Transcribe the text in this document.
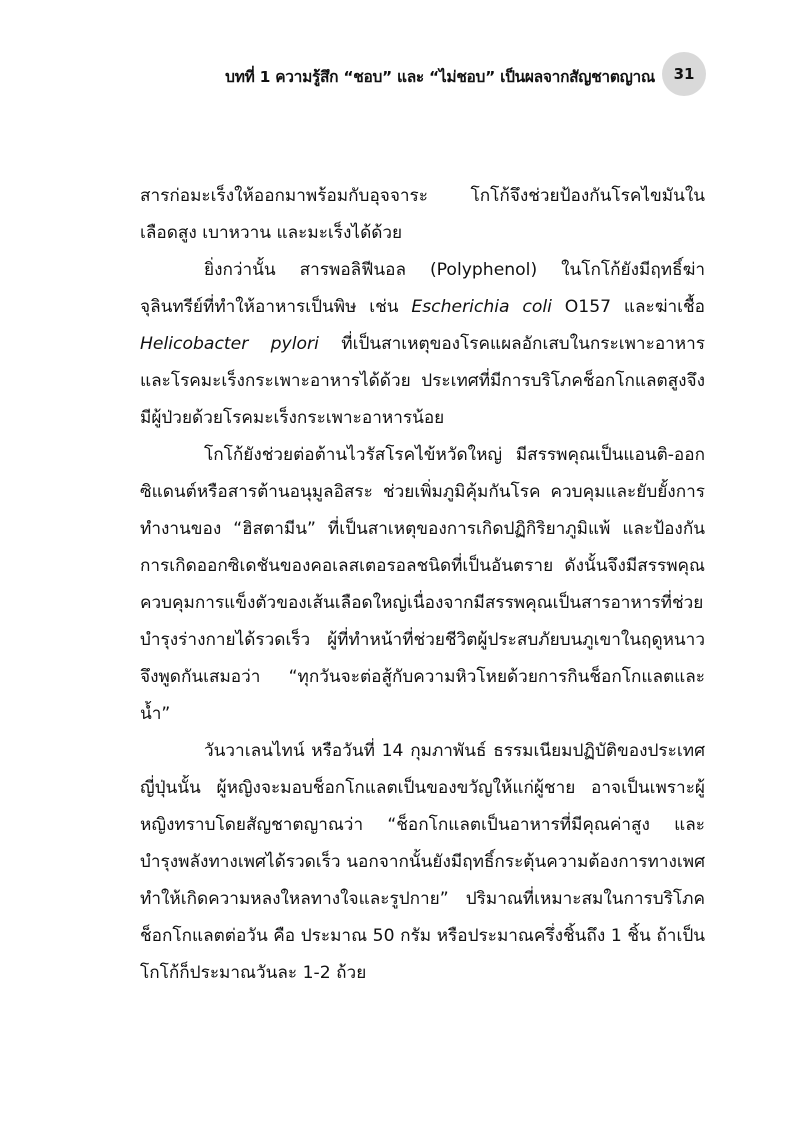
บทที่ 1 ความรู้สึก “ชอบ” และ “ไม่ชอบ” เป็นผลจากสัญชาตญาณ 31

สารก่อมะเร็งให้ออกมาพร้อมกับอุจจาระ โกโก้จึงช่วยป้องกันโรคไขมันในเลือดสูง เบาหวาน และมะเร็งได้ด้วย

ยิ่งกว่านั้น สารพอลิฟีนอล (Polyphenol) ในโกโก้ยังมีฤทธิ์ฆ่าจุลินทรีย์ที่ทำให้อาหารเป็นพิษ เช่น Escherichia coli O157 และฆ่าเชื้อ Helicobacter pylori ที่เป็นสาเหตุของโรคแผลอักเสบในกระเพาะอาหาร และโรคมะเร็งกระเพาะอาหารได้ด้วย ประเทศที่มีการบริโภคช็อกโกแลตสูงจึงมีผู้ป่วยด้วยโรคมะเร็งกระเพาะอาหารน้อย

โกโก้ยังช่วยต่อต้านไวรัสโรคไข้หวัดใหญ่ มีสรรพคุณเป็นแอนติ-ออกซิแดนต์หรือสารต้านอนุมูลอิสระ ช่วยเพิ่มภูมิคุ้มกันโรค ควบคุมและยับยั้งการทำงานของ “ฮิสตามีน” ที่เป็นสาเหตุของการเกิดปฏิกิริยาภูมิแพ้ และป้องกันการเกิดออกซิเดชันของคอเลสเตอรอลชนิดที่เป็นอันตราย ดังนั้นจึงมีสรรพคุณควบคุมการแข็งตัวของเส้นเลือดใหญ่เนื่องจากมีสรรพคุณเป็นสารอาหารที่ช่วยบำรุงร่างกายได้รวดเร็ว ผู้ที่ทำหน้าที่ช่วยชีวิตผู้ประสบภัยบนภูเขาในฤดูหนาวจึงพูดกันเสมอว่า “ทุกวันจะต่อสู้กับความหิวโหยด้วยการกินช็อกโกแลตและน้ำ”

วันวาเลนไทน์ หรือวันที่ 14 กุมภาพันธ์ ธรรมเนียมปฏิบัติของประเทศญี่ปุ่นนั้น ผู้หญิงจะมอบช็อกโกแลตเป็นของขวัญให้แก่ผู้ชาย อาจเป็นเพราะผู้หญิงทราบโดยสัญชาตญาณว่า “ช็อกโกแลตเป็นอาหารที่มีคุณค่าสูง และบำรุงพลังทางเพศได้รวดเร็ว นอกจากนั้นยังมีฤทธิ์กระตุ้นความต้องการทางเพศ ทำให้เกิดความหลงใหลทางใจและรูปกาย” ปริมาณที่เหมาะสมในการบริโภคช็อกโกแลตต่อวัน คือ ประมาณ 50 กรัม หรือประมาณครึ่งชิ้นถึง 1 ชิ้น ถ้าเป็นโกโก้ก็ประมาณวันละ 1-2 ถ้วย
